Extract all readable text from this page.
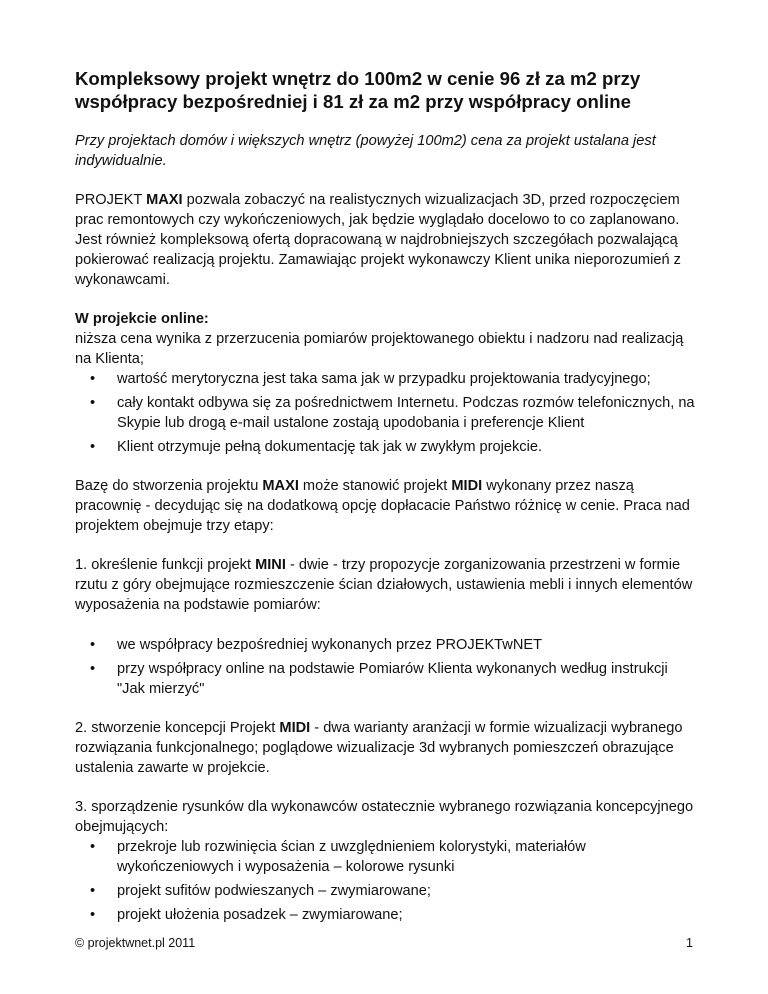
Kompleksowy projekt wnętrz do 100m2 w cenie 96 zł za m2 przy współpracy bezpośredniej i 81 zł za m2 przy współpracy online

Przy projektach domów i większych wnętrz (powyżej 100m2) cena za projekt ustalana jest indywidualnie.

PROJEKT MAXI pozwala zobaczyć na realistycznych wizualizacjach 3D, przed rozpoczęciem prac remontowych czy wykończeniowych, jak będzie wyglądało docelowo to co zaplanowano. Jest również kompleksową ofertą dopracowaną w najdrobniejszych szczegółach pozwalającą pokierować realizacją projektu. Zamawiając projekt wykonawczy Klient unika nieporozumień z wykonawcami.

W projekcie online:
niższa cena wynika z przerzucenia pomiarów projektowanego obiektu i nadzoru nad realizacją na Klienta;
• wartość merytoryczna jest taka sama jak w przypadku projektowania tradycyjnego;
• cały kontakt odbywa się za pośrednictwem Internetu. Podczas rozmów telefonicznych, na Skypie lub drogą e-mail ustalone zostają upodobania i preferencje Klient
• Klient otrzymuje pełną dokumentację tak jak w zwykłym projekcie.

Bazę do stworzenia projektu MAXI może stanowić projekt MIDI wykonany przez naszą pracownię - decydując się na dodatkową opcję dopłacacie Państwo różnicę w cenie. Praca nad projektem obejmuje trzy etapy:

1. określenie funkcji projekt MINI - dwie - trzy propozycje zorganizowania przestrzeni w formie rzutu z góry obejmujące rozmieszczenie ścian działowych, ustawienia mebli i innych elementów wyposażenia na podstawie pomiarów:

• we współpracy bezpośredniej wykonanych przez PROJEKTwNET
• przy współpracy online na podstawie Pomiarów Klienta wykonanych według instrukcji "Jak mierzyć"

2. stworzenie koncepcji Projekt MIDI - dwa warianty aranżacji w formie wizualizacji wybranego rozwiązania funkcjonalnego; poglądowe wizualizacje 3d wybranych pomieszczeń obrazujące ustalenia zawarte w projekcie.

3. sporządzenie rysunków dla wykonawców ostatecznie wybranego rozwiązania koncepcyjnego obejmujących:
• przekroje lub rozwinięcia ścian z uwzględnieniem kolorystyki, materiałów wykończeniowych i wyposażenia – kolorowe rysunki
• projekt sufitów podwieszanych – zwymiarowane;
• projekt ułożenia posadzek – zwymiarowane;
© projektwnet.pl 2011	1
